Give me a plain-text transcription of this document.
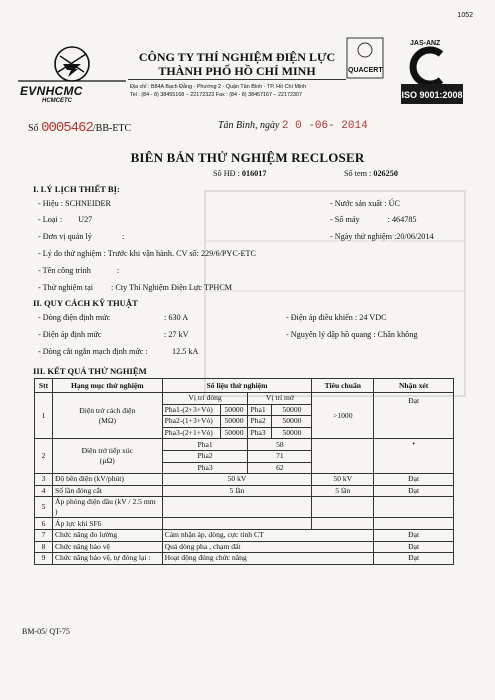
1052
EVNHCMC
HCMCETC
CÔNG TY THÍ NGHIỆM ĐIỆN LỰC
THÀNH PHỐ HỒ CHÍ MINH
Địa chỉ : B84A Bạch Đằng - Phường 2 - Quận Tân Bình - TP. Hồ Chí Minh
Tel : (84 - 8) 38455168 – 22172323 Fax : (84 - 8) 38457167 – 22172307
QUACERT
JAS-ANZ
ISO 9001:2008
Số 0005462/BB-ETC	Tân Bình, ngày 2 0 -06- 2014
BIÊN BẢN THỬ NGHIỆM RECLOSER
Số HĐ : 016017	Số tem : 026250
I. LÝ LỊCH THIẾT BỊ:
- Hiệu : SCHNEIDER
- Loại : U27
- Đơn vị quản lý	:
- Lý do thử nghiệm : Trước khi vận hành. CV số: 229/6/PYC-ETC
- Tên công trình	:
- Thử nghiệm tại : Cty Thí Nghiệm Điện Lực TPHCM
- Nước sản xuất : ÚC
- Số máy	: 464785
- Ngày thử nghiệm :20/06/2014
II. QUY CÁCH KỸ THUẬT
- Dòng điện định mức	: 630 A
- Điện áp định mức	: 27 kV
- Dòng cắt ngắn mạch định mức :	12.5 kA
- Điện áp điều khiển : 24 VDC
- Nguyên lý dập hồ quang : Chân không
III. KẾT QUẢ THỬ NGHIỆM
Stt	Hạng mục thử nghiệm	Số liệu thử nghiệm				Tiêu chuẩn	Nhận xét
1	Điện trở cách điện
(MΩ)	Vị trí đóng		Vị trí mở		>1000	Đạt
		Pha1-(2+3+Vỏ)	50000	Pha1	50000		
		Pha2-(1+3+Vỏ)	50000	Pha2	50000		
		Pha3-(2+1+Vỏ)	50000	Pha3	50000		
2	Điện trở tiếp xúc
(µΩ)	Pha1		58			•
		Pha2		71			
		Pha3		62			
3	Độ bền điện (kV/phút)	50 kV				50 kV	Đạt
4	Số lần đóng cắt	5 lần				5 lần	Đạt
5	Áp phóng điện dầu (kV / 2.5 mm )						
6	Áp lực khí SF6						
7	Chức năng đo lường	Cảm nhận áp, dòng, cực tính CT					Đạt
8	Chức năng bảo vệ	Quá dòng pha , chạm đất					Đạt
9	Chức năng bảo vệ, tự đóng lại :	Hoạt động đúng chức năng					Đạt
BM-05/ QT-75
